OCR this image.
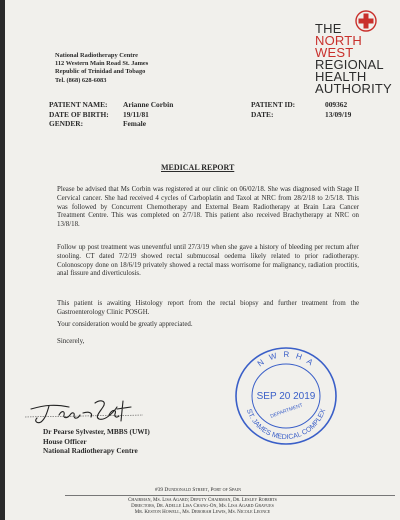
National Radiotherapy Centre
112 Western Main Road St. James
Republic of Trinidad and Tobago
Tel. (868) 628-6083
THE
NORTH
WEST
REGIONAL
HEALTH
AUTHORITY
PATIENT NAME:
DATE OF BIRTH:
GENDER:
Arianne Corbin
19/11/81
Female
PATIENT ID:
DATE:
009362
13/09/19
MEDICAL REPORT
Please be advised that Ms Corbin was registered at our clinic on 06/02/18. She was diagnosed with Stage II Cervical cancer. She had received 4 cycles of Carboplatin and Taxol at NRC from 28/2/18 to 2/5/18. This was followed by Concurrent Chemotherapy and External Beam Radiotherapy at Brain Lara Cancer Treatment Centre. This was completed on 2/7/18. This patient also received Brachytherapy at NRC on 13/8/18.
Follow up post treatment was uneventful until 27/3/19 when she gave a history of bleeding per rectum after stooling. CT dated 7/2/19 showed rectal submucosal oedema likely related to prior radiotherapy. Colonoscopy done on 18/6/19 privately showed a rectal mass worrisome for malignancy, radiation proctitis, anal fissure and diverticulosis.
This patient is awaiting Histology report from the rectal biopsy and further treatment from the Gastroenterology Clinic POSGH.
Your consideration would be greatly appreciated.
Sincerely,
Dr Pearse Sylvester, MBBS (UWI)
House Officer
National Radiotherapy Centre
N W R H A
SEP 20 2019
DEPARTMENT
ST. JAMES MEDICAL COMPLEX
#39 Dundonald Street, Port of Spain
Chairman, Ms. Lisa Agard; Deputy Chairman, Dr. Lesley Roberts
Directors, Dr. Adelle Lisa Chang-On, Ms. Lisa Agard Gravues
Mr. Keston Howell, Ms. Deborah Lewis, Ms. Nicole Leonce
